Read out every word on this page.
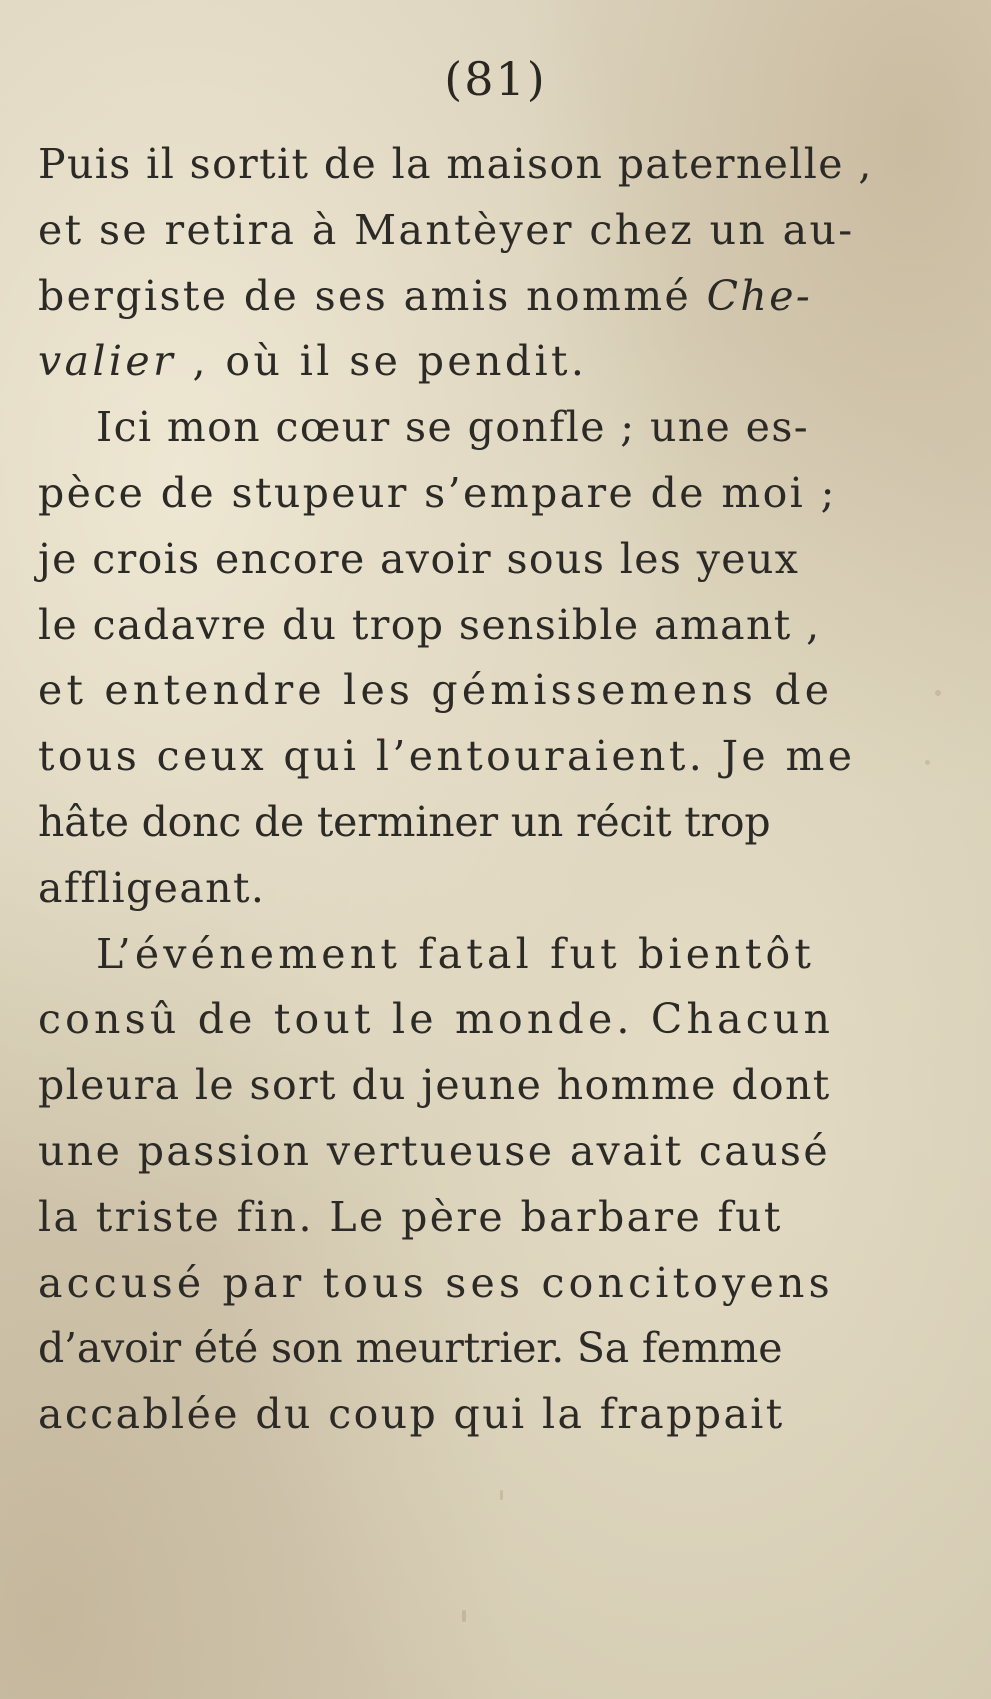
(81)
Puis il sortit de la maison paternelle ,
et se retira à Mantèyer chez un au-
bergiste de ses amis nommé Che-
valier , où il se pendit.
Ici mon cœur se gonfle ; une es-
pèce de stupeur s’empare de moi ;
je crois encore avoir sous les yeux
le cadavre du trop sensible amant ,
et entendre les gémissemens de
tous ceux qui l’entouraient. Je me
hâte donc de terminer un récit trop
affligeant.
L’événement fatal fut bientôt
consû de tout le monde. Chacun
pleura le sort du jeune homme dont
une passion vertueuse avait causé
la triste fin. Le père barbare fut
accusé par tous ses concitoyens
d’avoir été son meurtrier. Sa femme
accablée du coup qui la frappait
